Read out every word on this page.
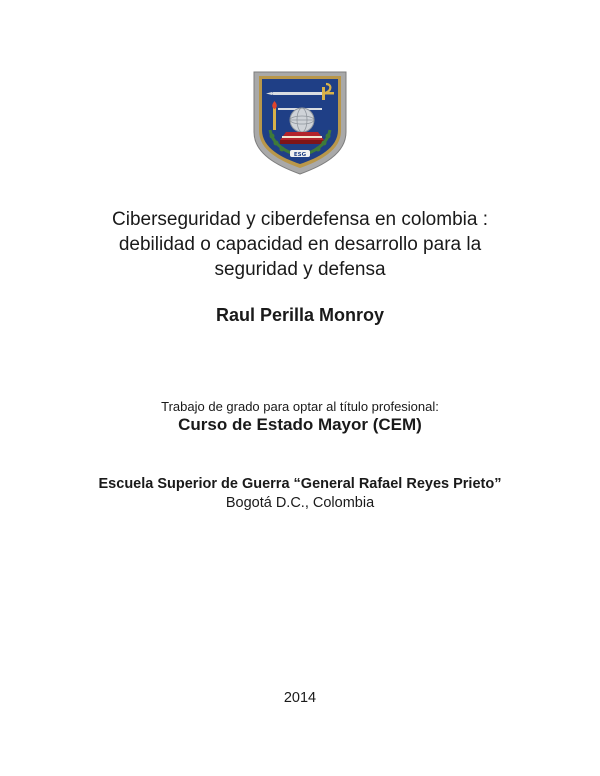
ESG
Ciberseguridad y ciberdefensa en colombia :
debilidad o capacidad en desarrollo para la
seguridad y defensa
Raul Perilla Monroy
Trabajo de grado para optar al título profesional:
Curso de Estado Mayor (CEM)
Escuela Superior de Guerra “General Rafael Reyes Prieto”
Bogotá D.C., Colombia
2014
